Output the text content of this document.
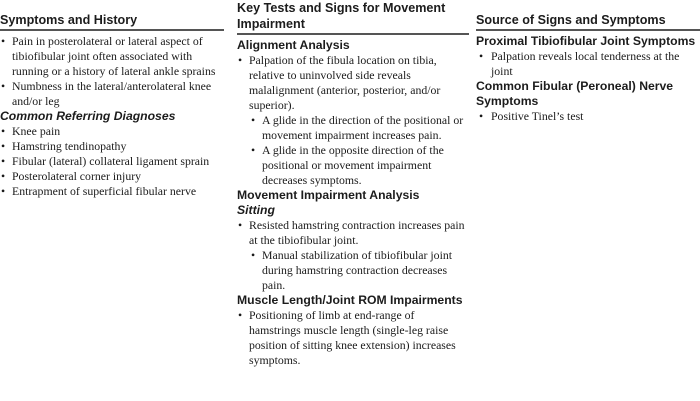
Symptoms and History
• Pain in posterolateral or lateral aspect of tibiofibular joint often associated with running or a history of lateral ankle sprains
• Numbness in the lateral/anterolateral knee and/or leg
Common Referring Diagnoses
• Knee pain
• Hamstring tendinopathy
• Fibular (lateral) collateral ligament sprain
• Posterolateral corner injury
• Entrapment of superficial fibular nerve
Key Tests and Signs for Movement Impairment
Alignment Analysis
• Palpation of the fibula location on tibia, relative to uninvolved side reveals malalignment (anterior, posterior, and/or superior).
• A glide in the direction of the positional or movement impairment increases pain.
• A glide in the opposite direction of the positional or movement impairment decreases symptoms.
Movement Impairment Analysis
Sitting
• Resisted hamstring contraction increases pain at the tibiofibular joint.
• Manual stabilization of tibiofibular joint during hamstring contraction decreases pain.
Muscle Length/Joint ROM Impairments
• Positioning of limb at end-range of hamstrings muscle length (single-leg raise position of sitting knee extension) increases symptoms.
Source of Signs and Symptoms
Proximal Tibiofibular Joint Symptoms
• Palpation reveals local tenderness at the joint
Common Fibular (Peroneal) Nerve Symptoms
• Positive Tinel’s test
